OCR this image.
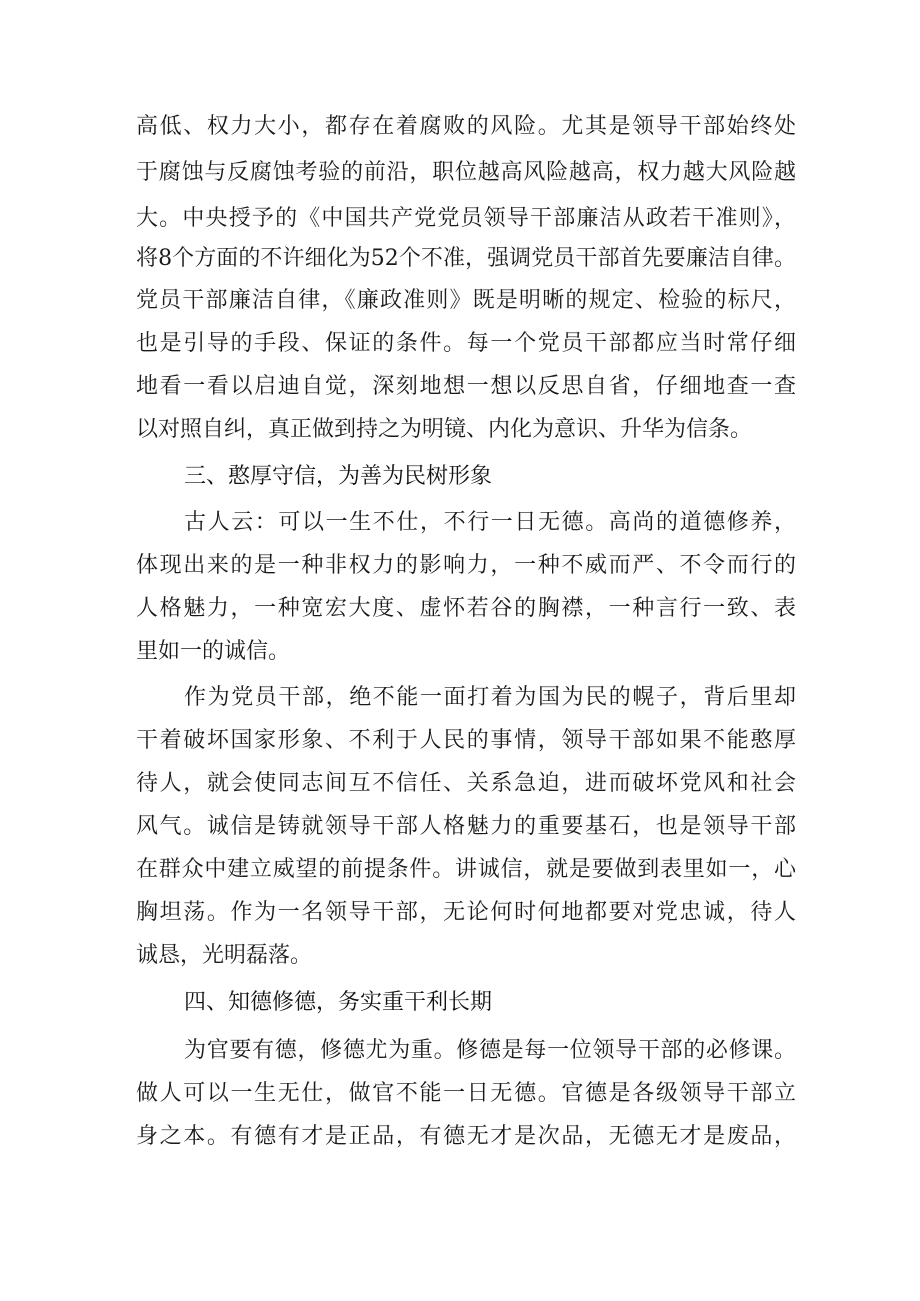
高低、权力大小，都存在着腐败的风险。尤其是领导干部始终处
于腐蚀与反腐蚀考验的前沿，职位越高风险越高，权力越大风险越
大。中央授予的《中国共产党党员领导干部廉洁从政若干准则》，
将8个方面的不许细化为52个不准，强调党员干部首先要廉洁自律。
党员干部廉洁自律，《廉政准则》既是明晰的规定、检验的标尺，
也是引导的手段、保证的条件。每一个党员干部都应当时常仔细
地看一看以启迪自觉，深刻地想一想以反思自省，仔细地查一查
以对照自纠，真正做到持之为明镜、内化为意识、升华为信条。
三、憨厚守信，为善为民树形象
古人云：可以一生不仕，不行一日无德。高尚的道德修养，
体现出来的是一种非权力的影响力，一种不威而严、不令而行的
人格魅力，一种宽宏大度、虚怀若谷的胸襟，一种言行一致、表
里如一的诚信。
作为党员干部，绝不能一面打着为国为民的幌子，背后里却
干着破坏国家形象、不利于人民的事情，领导干部如果不能憨厚
待人，就会使同志间互不信任、关系急迫，进而破坏党风和社会
风气。诚信是铸就领导干部人格魅力的重要基石，也是领导干部
在群众中建立威望的前提条件。讲诚信，就是要做到表里如一，心
胸坦荡。作为一名领导干部，无论何时何地都要对党忠诚，待人
诚恳，光明磊落。
四、知德修德，务实重干利长期
为官要有德，修德尤为重。修德是每一位领导干部的必修课。
做人可以一生无仕，做官不能一日无德。官德是各级领导干部立
身之本。有德有才是正品，有德无才是次品，无德无才是废品，
